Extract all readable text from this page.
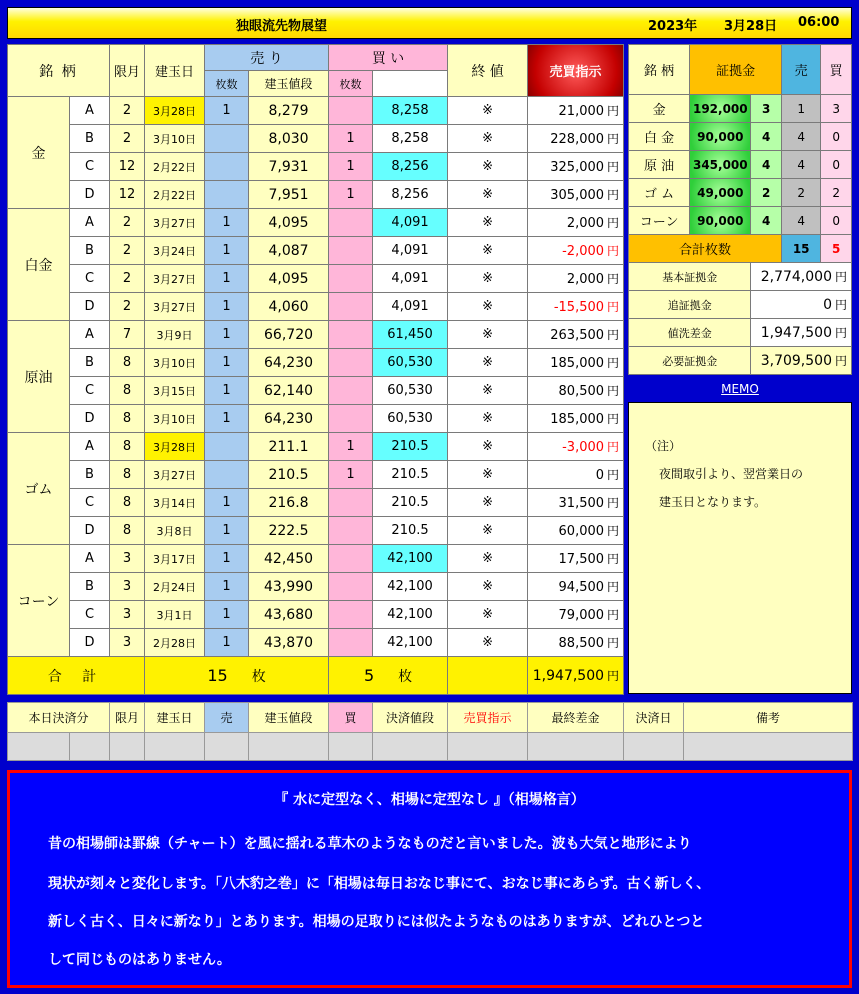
独眼流先物展望	2023年 3月28日 06:00
銘 柄		限月	建玉日	売 り		買 い		終 値	売買指示	
				枚数	建玉値段	枚数				
金	A	2	3月28日	1	8,279		8,258	※	21,000 円	
	B	2	3月10日		8,030	1	8,258	※	228,000 円	
	C	12	2月22日		7,931	1	8,256	※	325,000 円	
	D	12	2月22日		7,951	1	8,256	※	305,000 円	
白金	A	2	3月27日	1	4,095		4,091	※	2,000 円	
	B	2	3月24日	1	4,087		4,091	※	-2,000 円	
	C	2	3月27日	1	4,095		4,091	※	2,000 円	
	D	2	3月27日	1	4,060		4,091	※	-15,500 円	
原油	A	7	3月9日	1	66,720		61,450	※	263,500 円	
	B	8	3月10日	1	64,230		60,530	※	185,000 円	
	C	8	3月15日	1	62,140		60,530	※	80,500 円	
	D	8	3月10日	1	64,230		60,530	※	185,000 円	
ゴム	A	8	3月28日		211.1	1	210.5	※	-3,000 円	
	B	8	3月27日		210.5	1	210.5	※	0 円	
	C	8	3月14日	1	216.8		210.5	※	31,500 円	
	D	8	3月8日	1	222.5		210.5	※	60,000 円	
コーン	A	3	3月17日	1	42,450		42,100	※	17,500 円	
	B	3	2月24日	1	43,990		42,100	※	94,500 円	
	C	3	3月1日	1	43,680		42,100	※	79,000 円	
	D	3	2月28日	1	43,870		42,100	※	88,500 円	
合 計			15 枚			5 枚			1,947,500 円	
銘 柄	証拠金		売	買
金	192,000	3	1	3
白 金	90,000	4	4	0
原 油	345,000	4	4	0
ゴ ム	49,000	2	2	2
コーン	90,000	4	4	0
合計枚数			15	5
基本証拠金		2,774,000 円		
追証拠金		0 円		
値洗差金		1,947,500 円		
必要証拠金		3,709,500 円		
MEMO
（注）
夜間取引より、翌営業日の
建玉日となります。
本日決済分		限月	建玉日	売	建玉値段	買	決済値段	売買指示	最終差金	決済日	備考

『 水に定型なく、相場に定型なし 』（相場格言）
昔の相場師は罫線（チャート）を風に揺れる草木のようなものだと言いました。波も大気と地形により
現状が刻々と変化します。「八木豹之巻」に「相場は毎日おなじ事にて、おなじ事にあらず。古く新しく、
新しく古く、日々に新なり」とあります。相場の足取りには似たようなものはありますが、どれひとつと
して同じものはありません。
